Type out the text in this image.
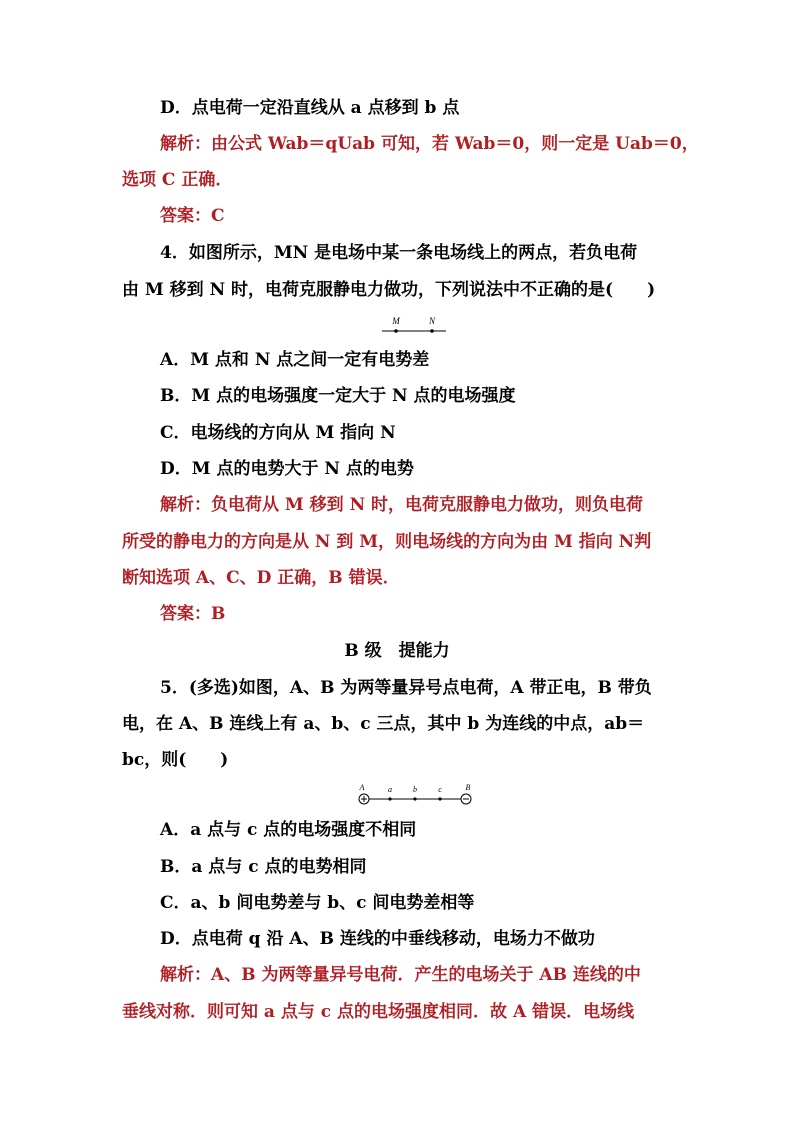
D．点电荷一定沿直线从 a 点移到 b 点
解析：由公式 Wab＝qUab 可知，若 Wab＝0，则一定是 Uab＝0，
选项 C 正确．
答案：C
4．如图所示，MN 是电场中某一条电场线上的两点，若负电荷
由 M 移到 N 时，电荷克服静电力做功，下列说法中不正确的是(　　)
M	N
A．M 点和 N 点之间一定有电势差
B．M 点的电场强度一定大于 N 点的电场强度
C．电场线的方向从 M 指向 N
D．M 点的电势大于 N 点的电势
解析：负电荷从 M 移到 N 时，电荷克服静电力做功，则负电荷
所受的静电力的方向是从 N 到 M，则电场线的方向为由 M 指向 N判
断知选项 A、C、D 正确，B 错误．
答案：B
B 级　提能力
5．(多选)如图，A、B 为两等量异号点电荷，A 带正电，B 带负
电，在 A、B 连线上有 a、b、c 三点，其中 b 为连线的中点，ab＝
bc，则(　　)
A	a	b	c	B
A．a 点与 c 点的电场强度不相同
B．a 点与 c 点的电势相同
C．a、b 间电势差与 b、c 间电势差相等
D．点电荷 q 沿 A、B 连线的中垂线移动，电场力不做功
解析：A、B 为两等量异号电荷．产生的电场关于 AB 连线的中
垂线对称．则可知 a 点与 c 点的电场强度相同．故 A 错误．电场线
